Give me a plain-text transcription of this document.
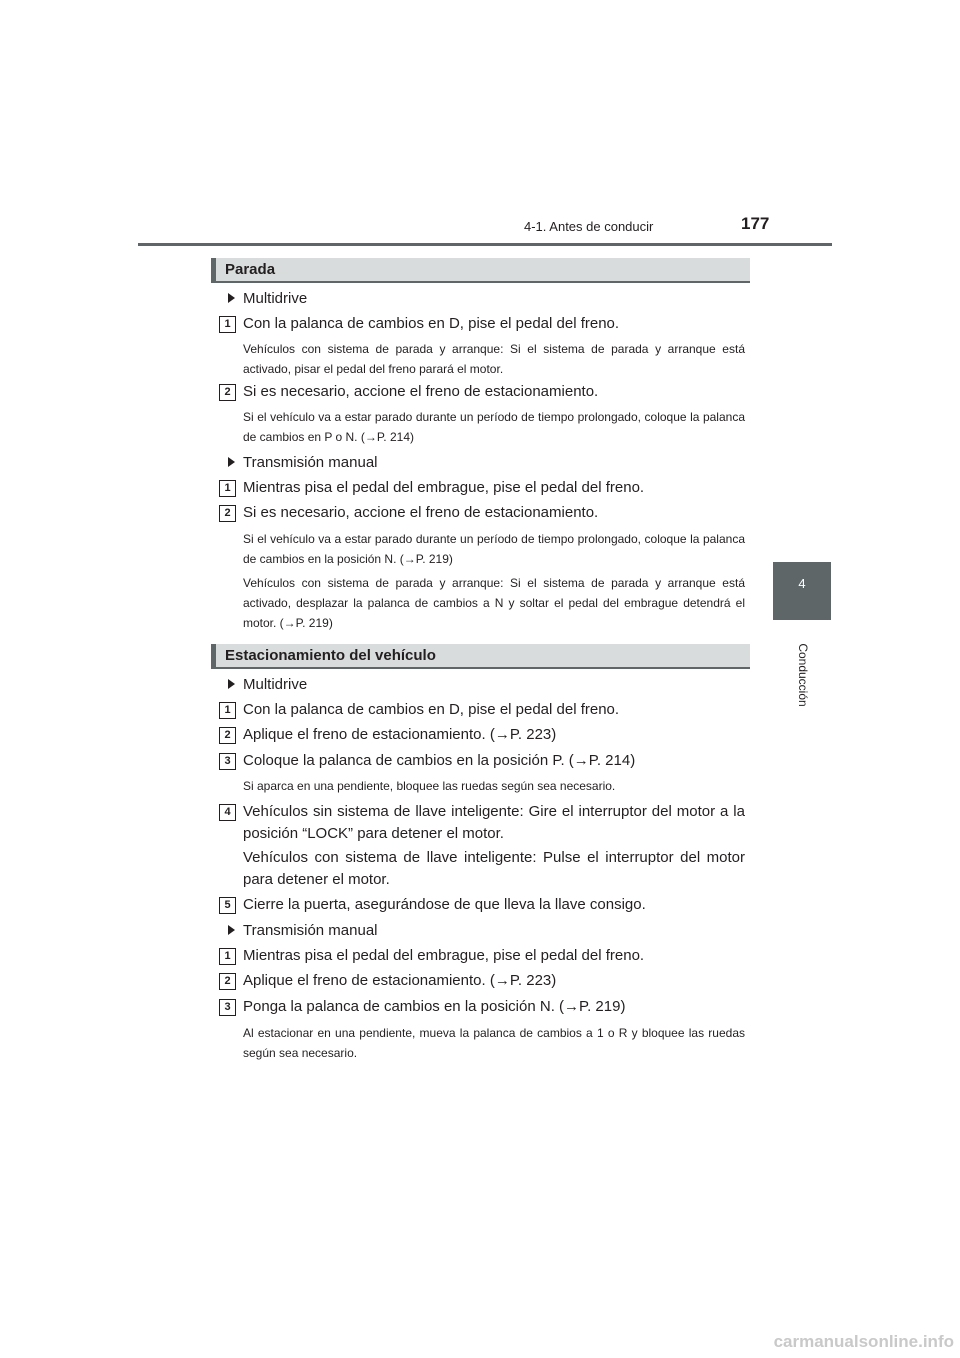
4-1. Antes de conducir	177
4
Conducción
Parada
Multidrive
1 Con la palanca de cambios en D, pise el pedal del freno.
Vehículos con sistema de parada y arranque: Si el sistema de parada y arranque está activado, pisar el pedal del freno parará el motor.
2 Si es necesario, accione el freno de estacionamiento.
Si el vehículo va a estar parado durante un período de tiempo prolongado, coloque la palanca de cambios en P o N. (→P. 214)
Transmisión manual
1 Mientras pisa el pedal del embrague, pise el pedal del freno.
2 Si es necesario, accione el freno de estacionamiento.
Si el vehículo va a estar parado durante un período de tiempo prolongado, coloque la palanca de cambios en la posición N. (→P. 219)
Vehículos con sistema de parada y arranque: Si el sistema de parada y arranque está activado, desplazar la palanca de cambios a N y soltar el pedal del embrague detendrá el motor. (→P. 219)
Estacionamiento del vehículo
Multidrive
1 Con la palanca de cambios en D, pise el pedal del freno.
2 Aplique el freno de estacionamiento. (→P. 223)
3 Coloque la palanca de cambios en la posición P. (→P. 214)
Si aparca en una pendiente, bloquee las ruedas según sea necesario.
4 Vehículos sin sistema de llave inteligente: Gire el interruptor del motor a la posición “LOCK” para detener el motor.
Vehículos con sistema de llave inteligente: Pulse el interruptor del motor para detener el motor.
5 Cierre la puerta, asegurándose de que lleva la llave consigo.
Transmisión manual
1 Mientras pisa el pedal del embrague, pise el pedal del freno.
2 Aplique el freno de estacionamiento. (→P. 223)
3 Ponga la palanca de cambios en la posición N. (→P. 219)
Al estacionar en una pendiente, mueva la palanca de cambios a 1 o R y bloquee las ruedas según sea necesario.
carmanualsonline.info
